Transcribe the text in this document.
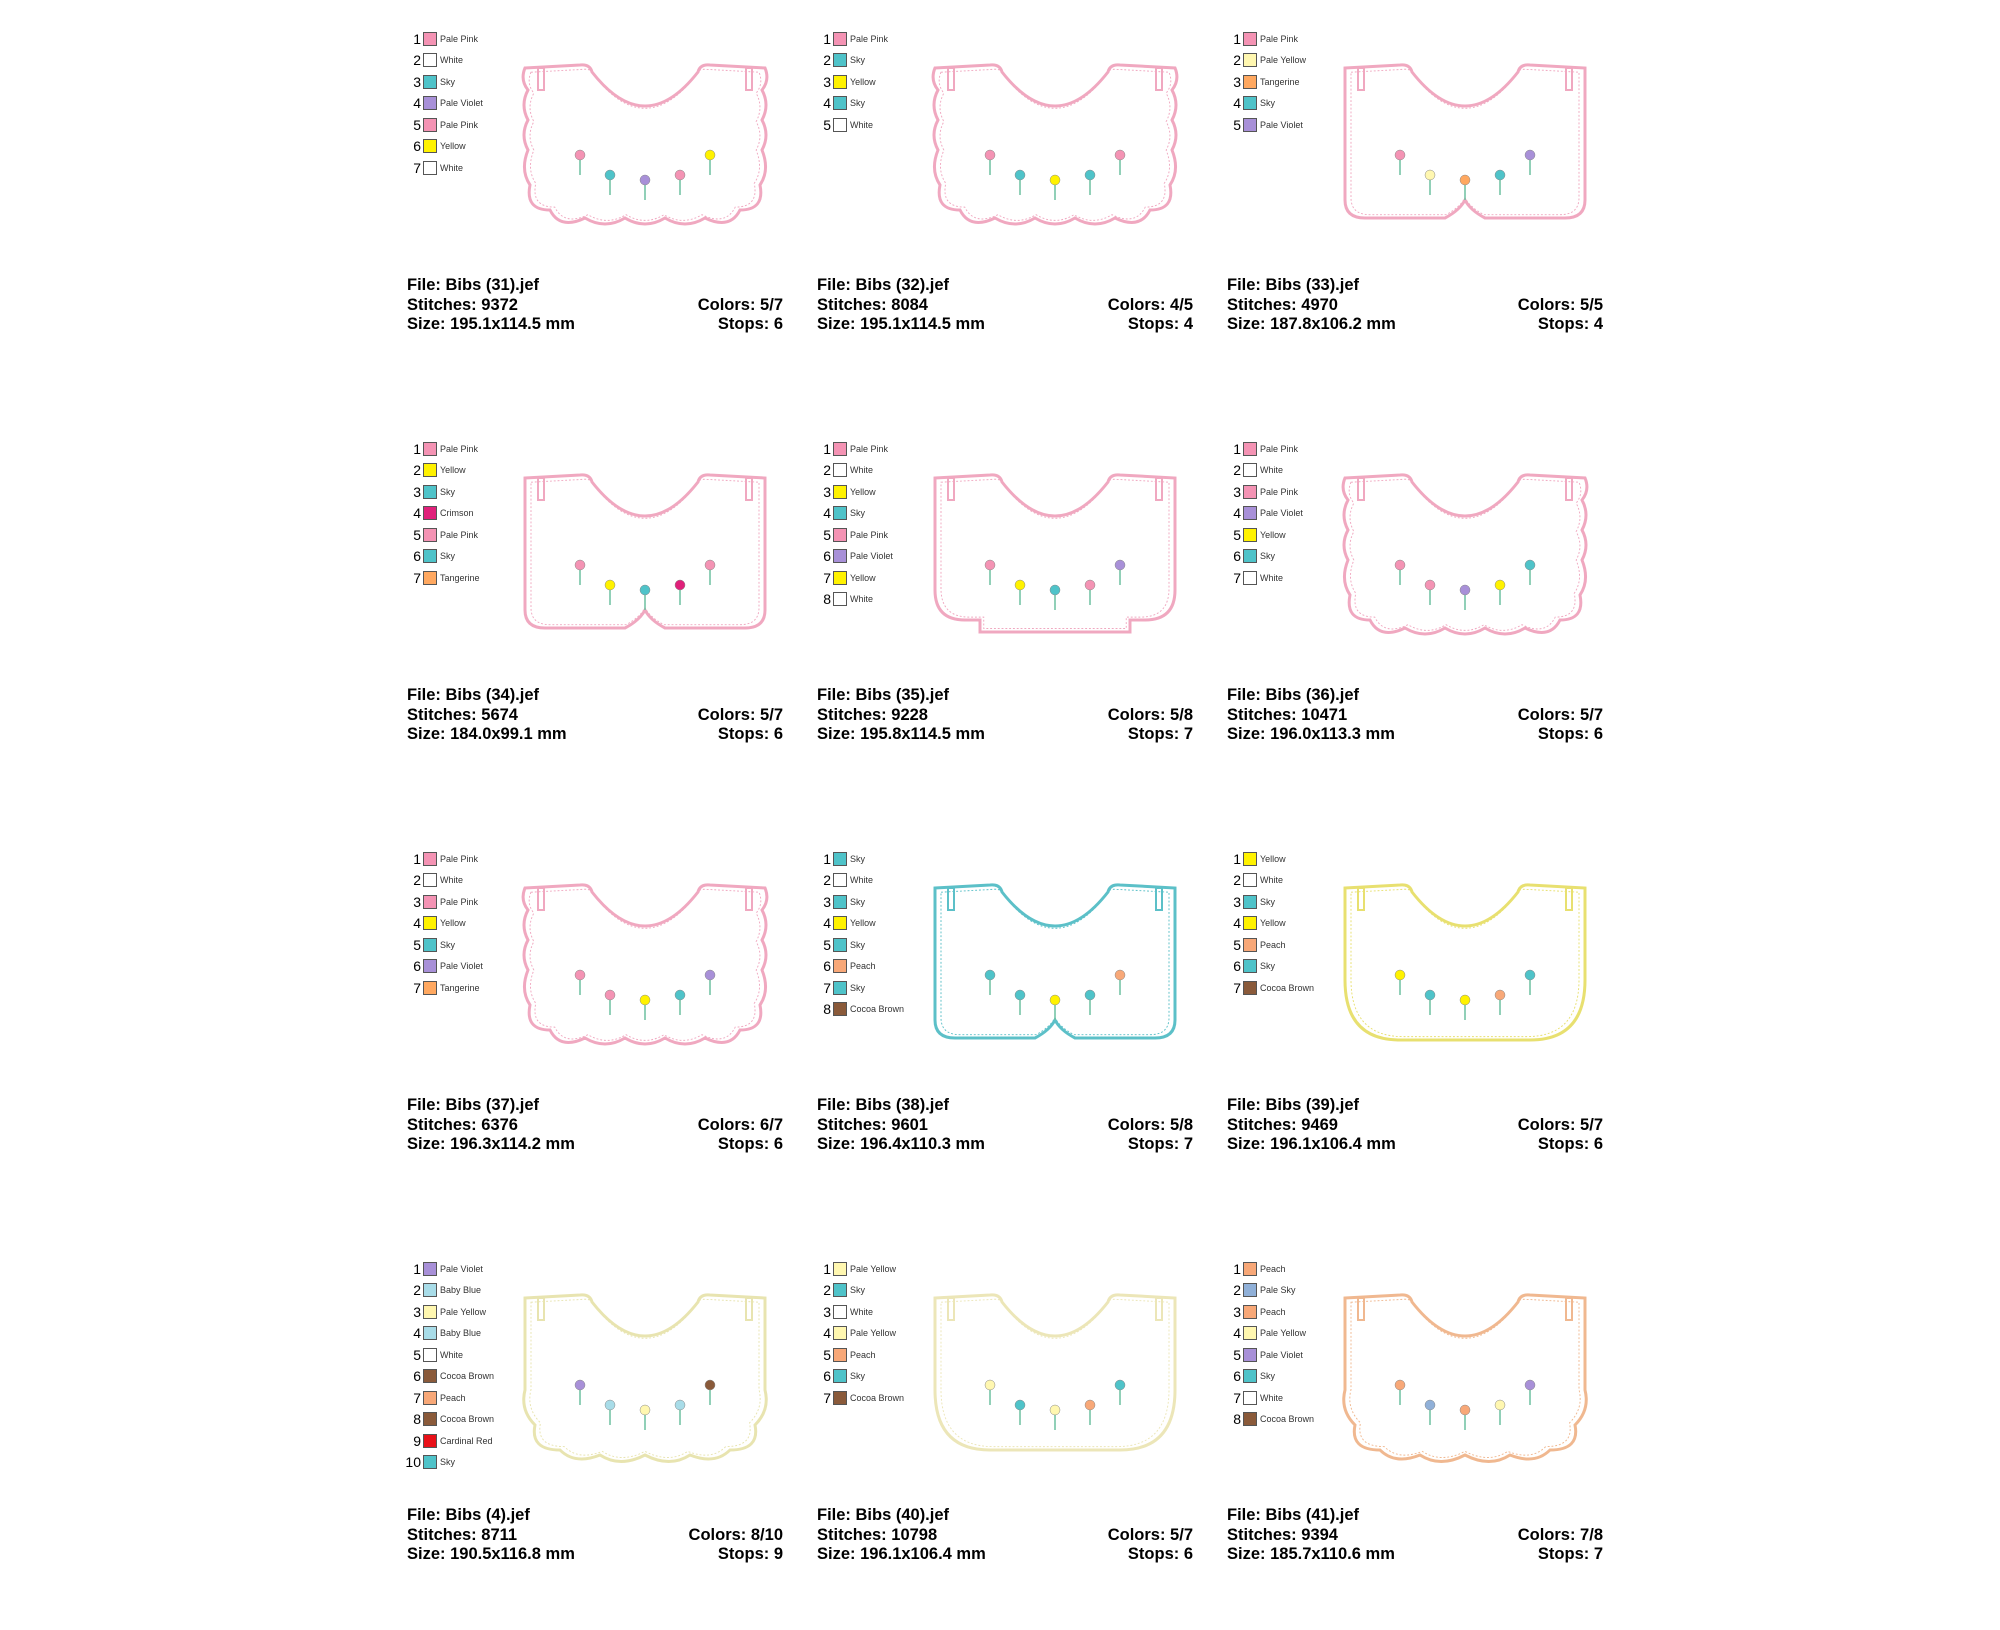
1 Pale Pink
2 White
3 Sky
4 Pale Violet
5 Pale Pink
6 Yellow
7 White
File: Bibs (31).jef
Stitches: 9372	Colors: 5/7
Size: 195.1x114.5 mm	Stops: 6
1 Pale Pink
2 Sky
3 Yellow
4 Sky
5 White
File: Bibs (32).jef
Stitches: 8084	Colors: 4/5
Size: 195.1x114.5 mm	Stops: 4
1 Pale Pink
2 Pale Yellow
3 Tangerine
4 Sky
5 Pale Violet
File: Bibs (33).jef
Stitches: 4970	Colors: 5/5
Size: 187.8x106.2 mm	Stops: 4
1 Pale Pink
2 Yellow
3 Sky
4 Crimson
5 Pale Pink
6 Sky
7 Tangerine
File: Bibs (34).jef
Stitches: 5674	Colors: 5/7
Size: 184.0x99.1 mm	Stops: 6
1 Pale Pink
2 White
3 Yellow
4 Sky
5 Pale Pink
6 Pale Violet
7 Yellow
8 White
File: Bibs (35).jef
Stitches: 9228	Colors: 5/8
Size: 195.8x114.5 mm	Stops: 7
1 Pale Pink
2 White
3 Pale Pink
4 Pale Violet
5 Yellow
6 Sky
7 White
File: Bibs (36).jef
Stitches: 10471	Colors: 5/7
Size: 196.0x113.3 mm	Stops: 6
1 Pale Pink
2 White
3 Pale Pink
4 Yellow
5 Sky
6 Pale Violet
7 Tangerine
File: Bibs (37).jef
Stitches: 6376	Colors: 6/7
Size: 196.3x114.2 mm	Stops: 6
1 Sky
2 White
3 Sky
4 Yellow
5 Sky
6 Peach
7 Sky
8 Cocoa Brown
File: Bibs (38).jef
Stitches: 9601	Colors: 5/8
Size: 196.4x110.3 mm	Stops: 7
1 Yellow
2 White
3 Sky
4 Yellow
5 Peach
6 Sky
7 Cocoa Brown
File: Bibs (39).jef
Stitches: 9469	Colors: 5/7
Size: 196.1x106.4 mm	Stops: 6
1 Pale Violet
2 Baby Blue
3 Pale Yellow
4 Baby Blue
5 White
6 Cocoa Brown
7 Peach
8 Cocoa Brown
9 Cardinal Red
10 Sky
File: Bibs (4).jef
Stitches: 8711	Colors: 8/10
Size: 190.5x116.8 mm	Stops: 9
1 Pale Yellow
2 Sky
3 White
4 Pale Yellow
5 Peach
6 Sky
7 Cocoa Brown
File: Bibs (40).jef
Stitches: 10798	Colors: 5/7
Size: 196.1x106.4 mm	Stops: 6
1 Peach
2 Pale Sky
3 Peach
4 Pale Yellow
5 Pale Violet
6 Sky
7 White
8 Cocoa Brown
File: Bibs (41).jef
Stitches: 9394	Colors: 7/8
Size: 185.7x110.6 mm	Stops: 7
